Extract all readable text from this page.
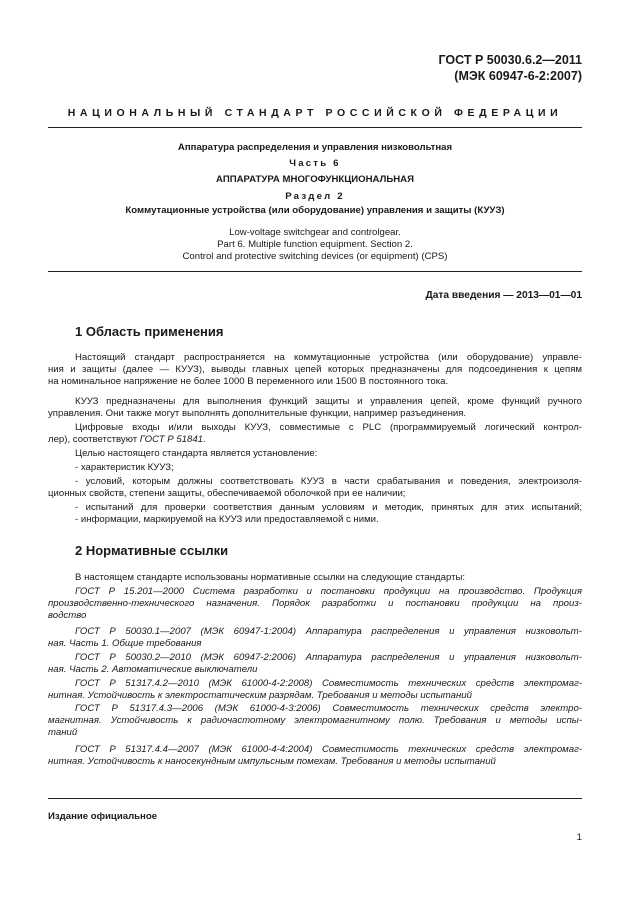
ГОСТ Р 50030.6.2—2011
(МЭК 60947-6-2:2007)
НАЦИОНАЛЬНЫЙ СТАНДАРТ РОССИЙСКОЙ ФЕДЕРАЦИИ
Аппаратура распределения и управления низковольтная
Часть 6
АППАРАТУРА МНОГОФУНКЦИОНАЛЬНАЯ
Раздел 2
Коммутационные устройства (или оборудование) управления и защиты (КУУЗ)
Low-voltage switchgear and controlgear.
Part 6. Multiple function equipment. Section 2.
Control and protective switching devices (or equipment) (CPS)
Дата введения — 2013—01—01
1 Область применения
Настоящий стандарт распространяется на коммутационные устройства (или оборудование) управле-
ния и защиты (далее — КУУЗ), выводы главных цепей которых предназначены для подсоединения к цепям
на номинальное напряжение не более 1000 В переменного или 1500 В постоянного тока.
КУУЗ предназначены для выполнения функций защиты и управления цепей, кроме функций ручного
управления. Они также могут выполнять дополнительные функции, например разъединения.
Цифровые входы и/или выходы КУУЗ, совместимые с PLC (программируемый логический контрол-
лер), соответствуют ГОСТ Р 51841.
Целью настоящего стандарта является установление:
- характеристик КУУЗ;
- условий, которым должны соответствовать КУУЗ в части срабатывания и поведения, электроизоля-
ционных свойств, степени защиты, обеспечиваемой оболочкой при ее наличии;
- испытаний для проверки соответствия данным условиям и методик, принятых для этих испытаний;
- информации, маркируемой на КУУЗ или предоставляемой с ними.
2 Нормативные ссылки
В настоящем стандарте использованы нормативные ссылки на следующие стандарты:
ГОСТ Р 15.201—2000 Система разработки и постановки продукции на производство. Продукция
производственно-технического назначения. Порядок разработки и постановки продукции на произ-
водство
ГОСТ Р 50030.1—2007 (МЭК 60947-1:2004) Аппаратура распределения и управления низковольт-
ная. Часть 1. Общие требования
ГОСТ Р 50030.2—2010 (МЭК 60947-2:2006) Аппаратура распределения и управления низковольт-
ная. Часть 2. Автоматические выключатели
ГОСТ Р 51317.4.2—2010 (МЭК 61000-4-2:2008) Совместимость технических средств электромаг-
нитная. Устойчивость к электростатическим разрядам. Требования и методы испытаний
ГОСТ Р 51317.4.3—2006 (МЭК 61000-4-3:2006) Совместимость технических средств электро-
магнитная. Устойчивость к радиочастотному электромагнитному полю. Требования и методы испы-
таний
ГОСТ Р 51317.4.4—2007 (МЭК 61000-4-4:2004) Совместимость технических средств электромаг-
нитная. Устойчивость к наносекундным импульсным помехам. Требования и методы испытаний
Издание официальное
1
